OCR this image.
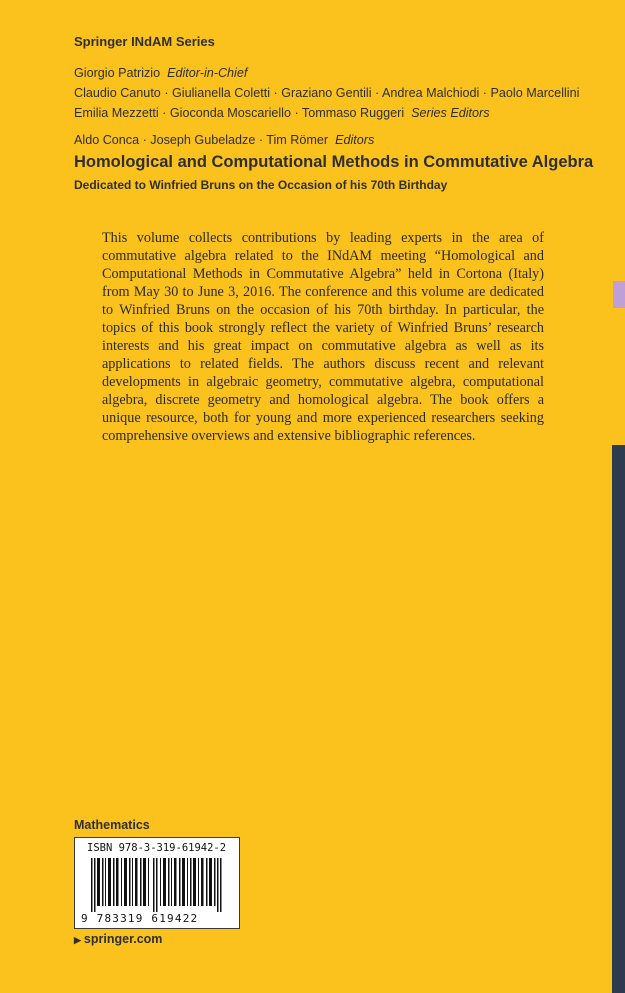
Springer INdAM Series
Giorgio Patrizio Editor-in-Chief
Claudio Canuto · Giulianella Coletti · Graziano Gentili · Andrea Malchiodi · Paolo Marcellini
Emilia Mezzetti · Gioconda Moscariello · Tommaso Ruggeri Series Editors
Aldo Conca · Joseph Gubeladze · Tim Römer Editors
Homological and Computational Methods in Commutative Algebra
Dedicated to Winfried Bruns on the Occasion of his 70th Birthday

This volume collects contributions by leading experts in the area of commutative algebra related to the INdAM meeting “Homological and Computational Methods in Commutative Algebra” held in Cortona (Italy) from May 30 to June 3, 2016. The conference and this volume are dedicated to Winfried Bruns on the occasion of his 70th birthday. In particular, the topics of this book strongly reflect the variety of Winfried Bruns’ research interests and his great impact on commutative algebra as well as its applications to related fields. The authors discuss recent and relevant developments in algebraic geometry, commutative algebra, computational algebra, discrete geometry and homological algebra. The book offers a unique resource, both for young and more experienced researchers seeking comprehensive overviews and extensive bibliographic references.

Mathematics
ISBN 978-3-319-61942-2
9 783319 619422
▶ springer.com
